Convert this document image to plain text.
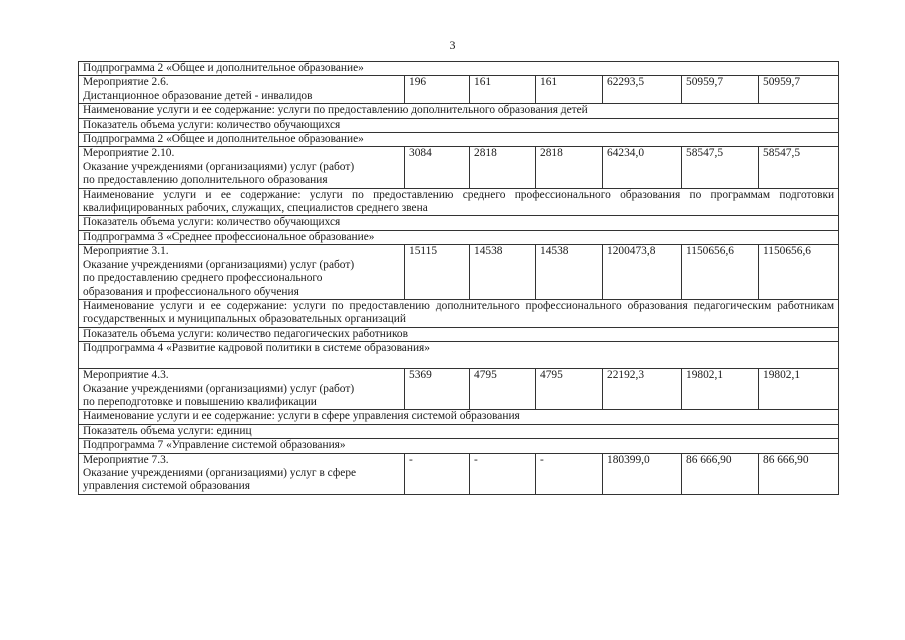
3
Подпрограмма 2 «Общее и дополнительное образование»						
Мероприятие 2.6.
Дистанционное образование детей - инвалидов	196	161	161	62293,5	50959,7	50959,7
Наименование услуги и ее содержание: услуги по предоставлению дополнительного образования детей						
Показатель объема услуги: количество обучающихся						
Подпрограмма 2 «Общее и дополнительное образование»						
Мероприятие 2.10.
Оказание учреждениями (организациями) услуг (работ)
по предоставлению дополнительного образования	3084	2818	2818	64234,0	58547,5	58547,5
Наименование услуги и ее содержание: услуги по предоставлению среднего профессионального образования по программам подготовки квалифицированных рабочих, служащих, специалистов среднего звена						
Показатель объема услуги: количество обучающихся						
Подпрограмма 3 «Среднее профессиональное образование»						
Мероприятие 3.1.
Оказание учреждениями (организациями) услуг (работ)
по предоставлению среднего профессионального
образования и профессионального обучения	15115	14538	14538	1200473,8	1150656,6	1150656,6
Наименование услуги и ее содержание: услуги по предоставлению дополнительного профессионального образования педагогическим работникам государственных и муниципальных образовательных организаций						
Показатель объема услуги: количество педагогических работников						
Подпрограмма 4 «Развитие кадровой политики в системе образования»						
Мероприятие 4.3.
Оказание учреждениями (организациями) услуг (работ)
по переподготовке и повышению квалификации	5369	4795	4795	22192,3	19802,1	19802,1
Наименование услуги и ее содержание: услуги в сфере управления системой образования						
Показатель объема услуги: единиц						
Подпрограмма 7 «Управление системой образования»						
Мероприятие 7.3.
Оказание учреждениями (организациями) услуг в сфере
управления системой образования	-	-	-	180399,0	86 666,90	86 666,90
